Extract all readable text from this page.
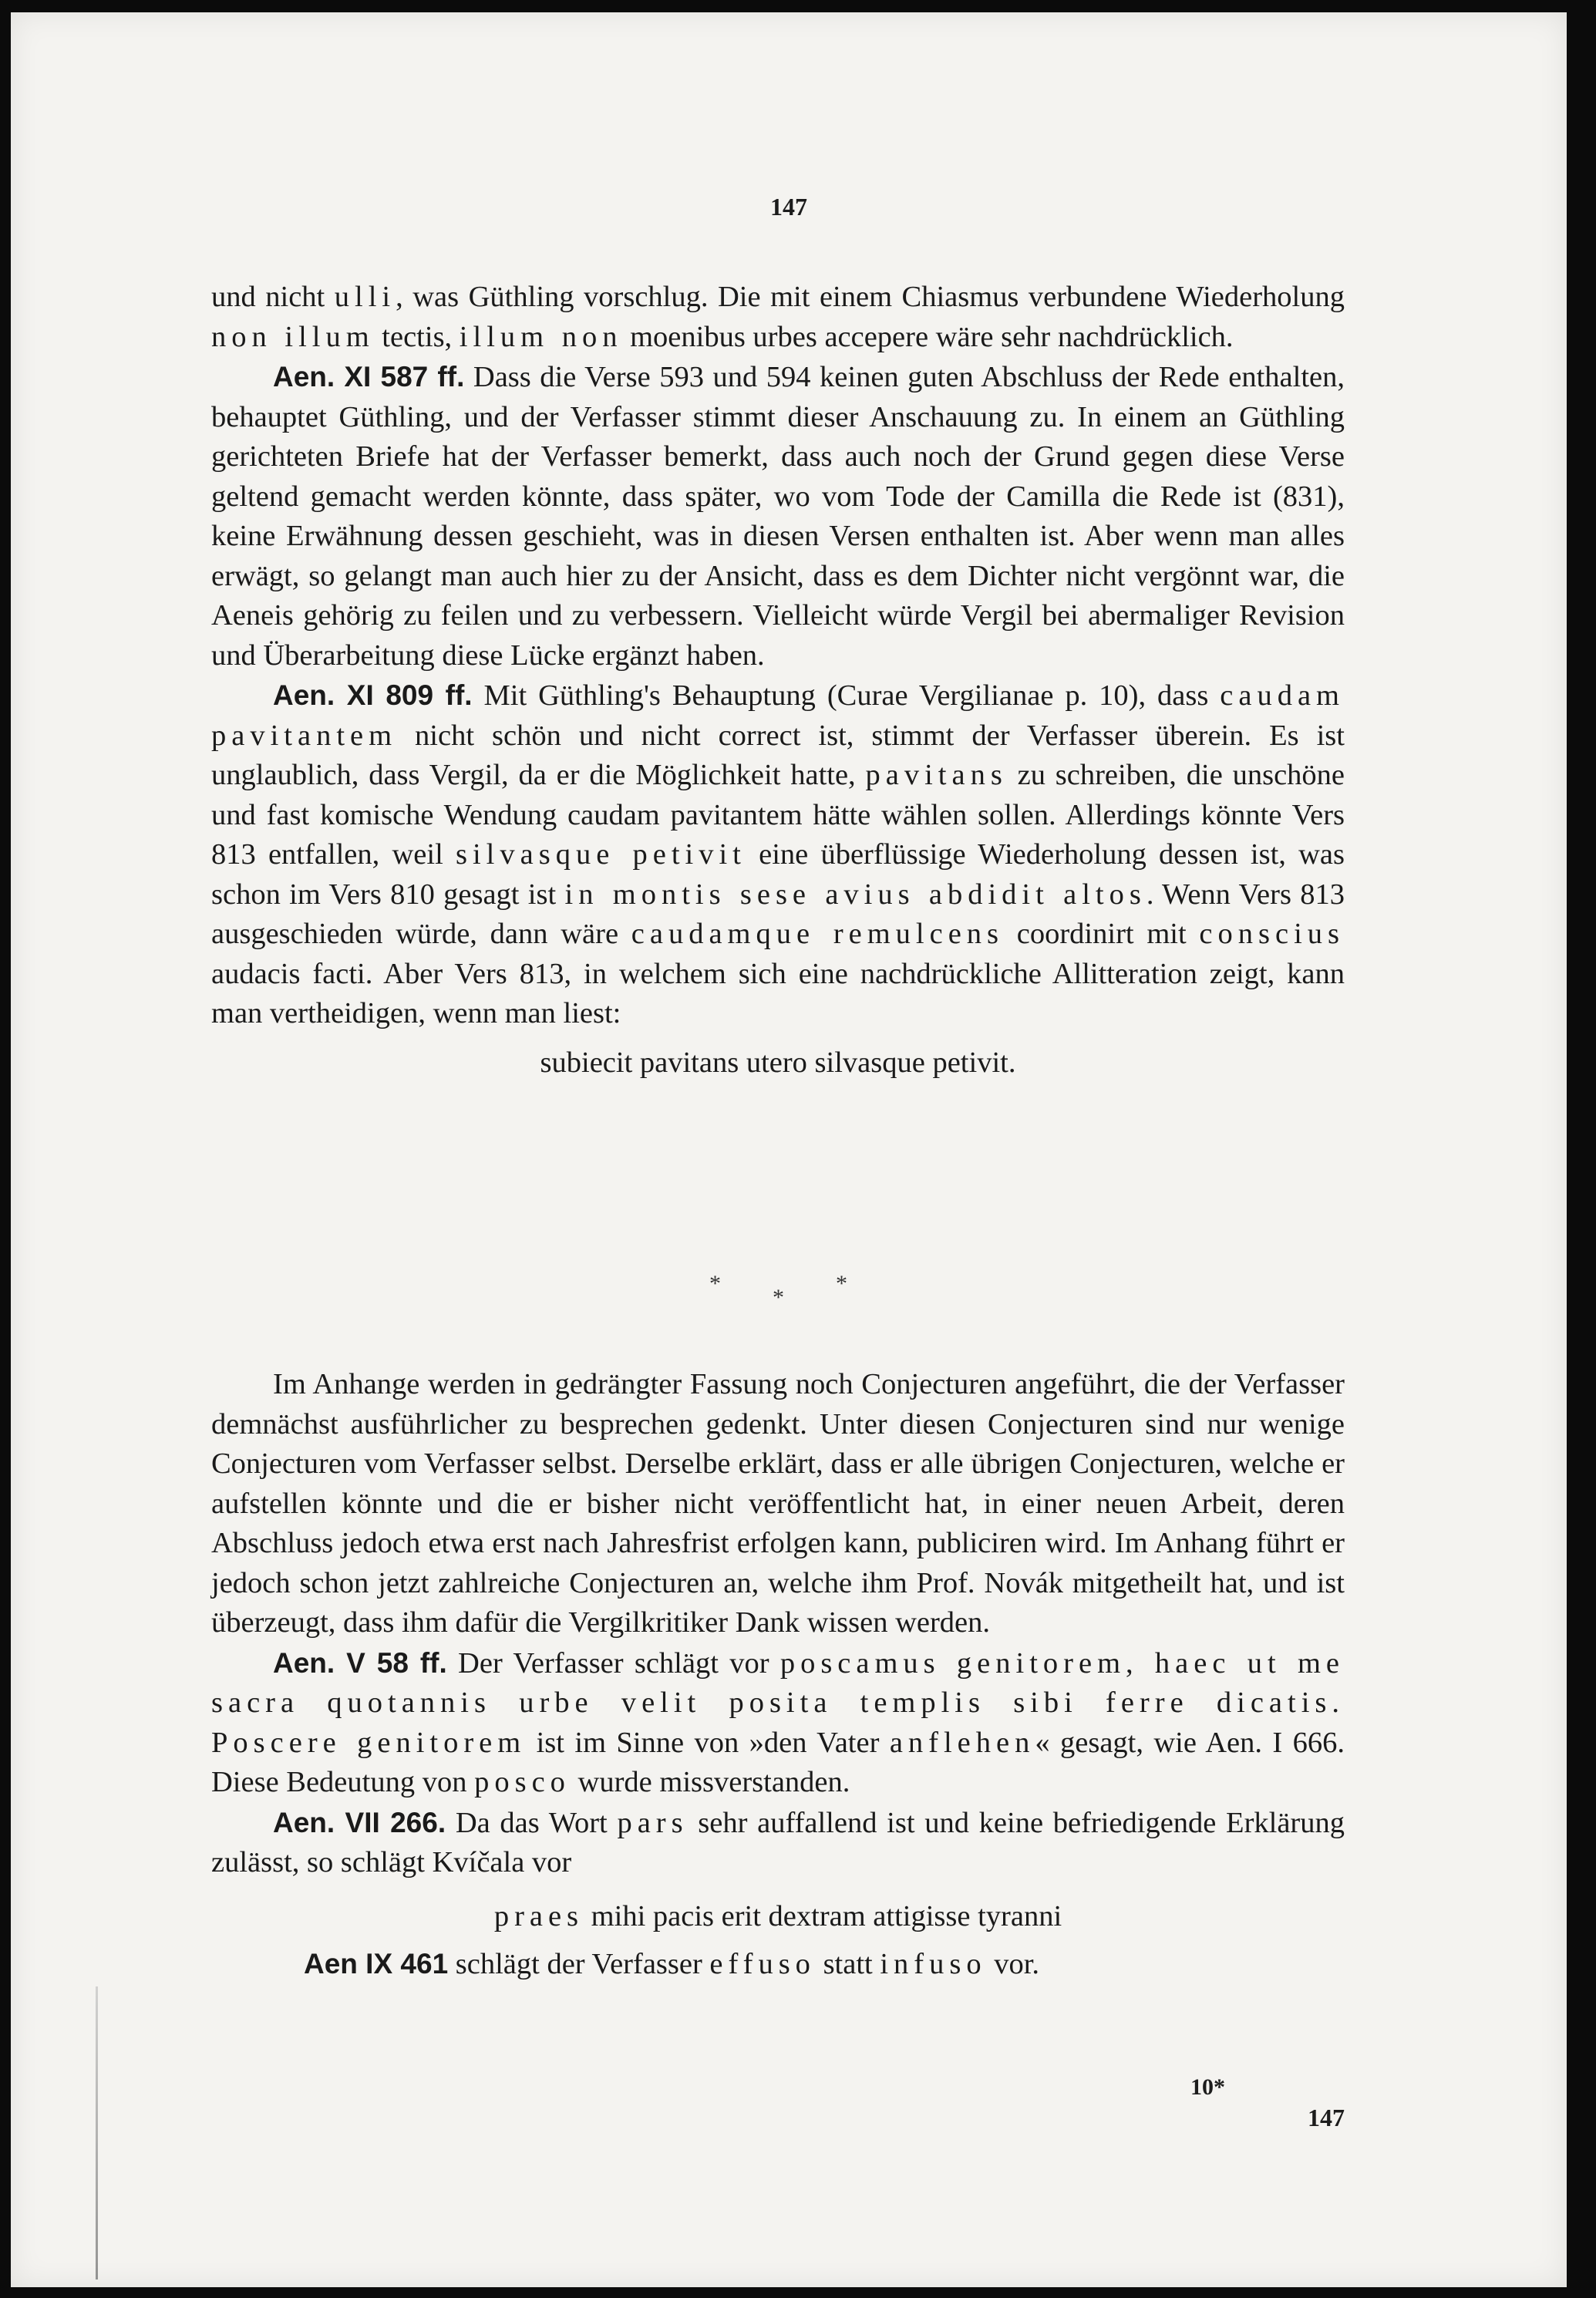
147

und nicht ulli, was Güthling vorschlug. Die mit einem Chiasmus verbundene Wiederholung non illum tectis, illum non moenibus urbes accepere wäre sehr nachdrücklich.

Aen. XI 587 ff. Dass die Verse 593 und 594 keinen guten Abschluss der Rede enthalten, behauptet Güthling, und der Verfasser stimmt dieser Anschauung zu. In einem an Güthling gerichteten Briefe hat der Verfasser bemerkt, dass auch noch der Grund gegen diese Verse geltend gemacht werden könnte, dass später, wo vom Tode der Camilla die Rede ist (831), keine Erwähnung dessen geschieht, was in diesen Versen enthalten ist. Aber wenn man alles erwägt, so gelangt man auch hier zu der Ansicht, dass es dem Dichter nicht vergönnt war, die Aeneis gehörig zu feilen und zu verbessern. Vielleicht würde Vergil bei abermaliger Revision und Überarbeitung diese Lücke ergänzt haben.

Aen. XI 809 ff. Mit Güthling's Behauptung (Curae Vergilianae p. 10), dass caudam pavitantem nicht schön und nicht correct ist, stimmt der Verfasser überein. Es ist unglaublich, dass Vergil, da er die Möglichkeit hatte, pavitans zu schreiben, die unschöne und fast komische Wendung caudam pavitantem hätte wählen sollen. Allerdings könnte Vers 813 entfallen, weil silvasque petivit eine überflüssige Wiederholung dessen ist, was schon im Vers 810 gesagt ist in montis sese avius abdidit altos. Wenn Vers 813 ausgeschieden würde, dann wäre caudamque remulcens coordinirt mit conscius audacis facti. Aber Vers 813, in welchem sich eine nachdrückliche Allitteration zeigt, kann man vertheidigen, wenn man liest:

subiecit pavitans utero silvasque petivit.

*
*
*

Im Anhange werden in gedrängter Fassung noch Conjecturen angeführt, die der Verfasser demnächst ausführlicher zu besprechen gedenkt. Unter diesen Conjecturen sind nur wenige Conjecturen vom Verfasser selbst. Derselbe erklärt, dass er alle übrigen Conjecturen, welche er aufstellen könnte und die er bisher nicht veröffentlicht hat, in einer neuen Arbeit, deren Abschluss jedoch etwa erst nach Jahresfrist erfolgen kann, publiciren wird. Im Anhang führt er jedoch schon jetzt zahlreiche Conjecturen an, welche ihm Prof. Novák mitgetheilt hat, und ist überzeugt, dass ihm dafür die Vergilkritiker Dank wissen werden.

Aen. V 58 ff. Der Verfasser schlägt vor poscamus genitorem, haec ut me sacra quotannis urbe velit posita templis sibi ferre dicatis. Poscere genitorem ist im Sinne von »den Vater anflehen« gesagt, wie Aen. I 666. Diese Bedeutung von posco wurde missverstanden.

Aen. VII 266. Da das Wort pars sehr auffallend ist und keine befriedigende Erklärung zulässt, so schlägt Kvíčala vor

praes mihi pacis erit dextram attigisse tyranni

Aen IX 461 schlägt der Verfasser effuso statt infuso vor.

10*
147
